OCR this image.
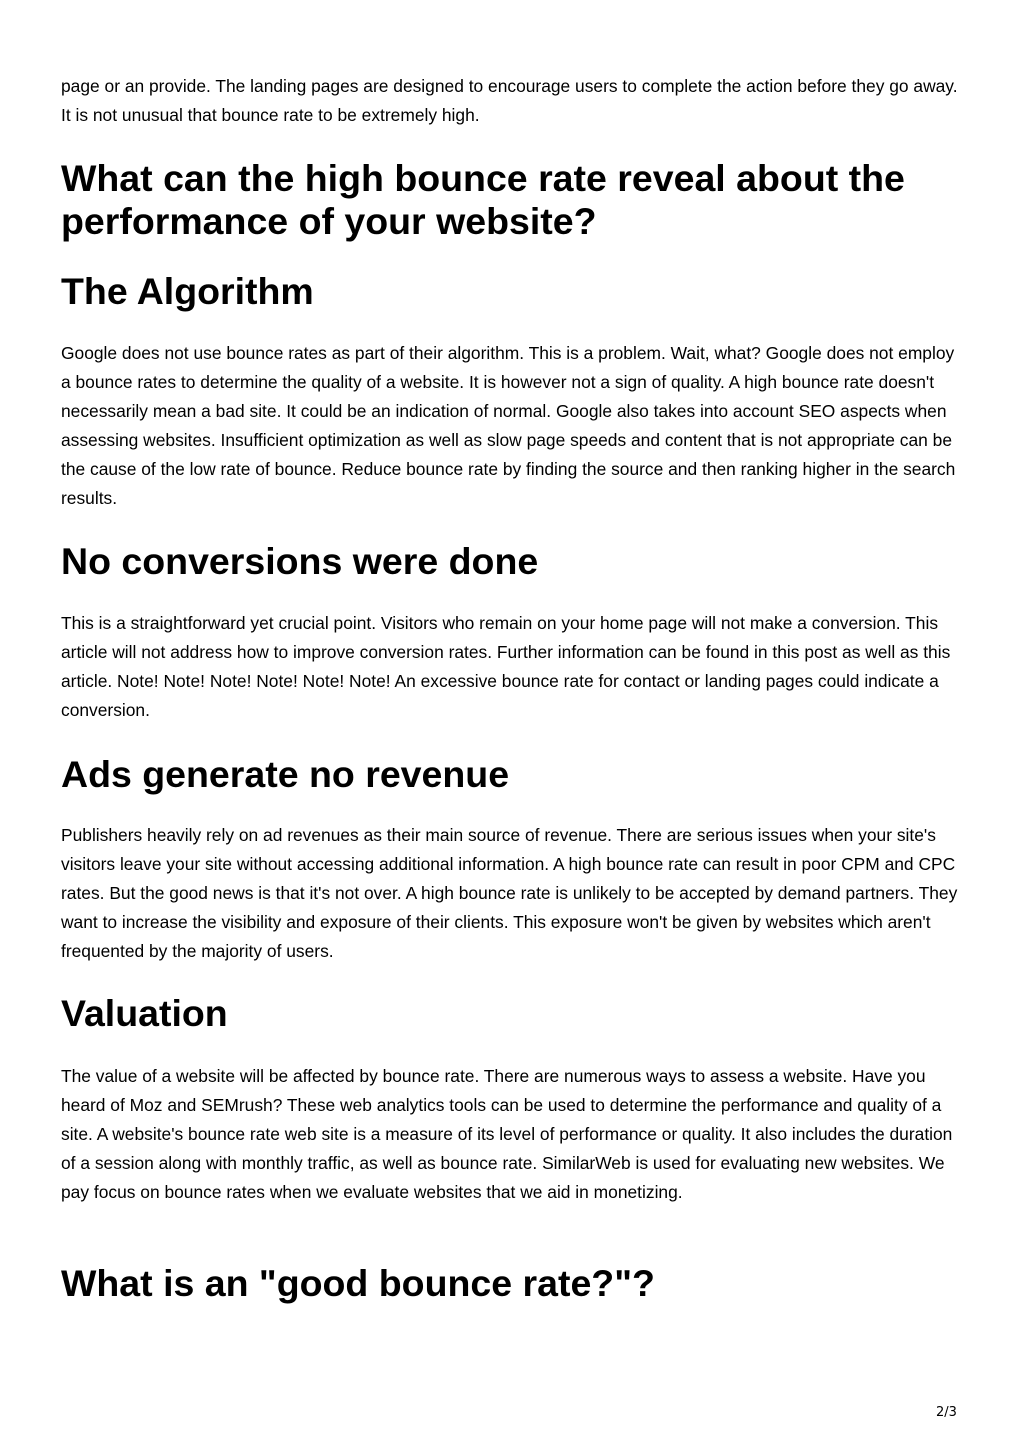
page or an provide. The landing pages are designed to encourage users to complete the action before they go away. It is not unusual that bounce rate to be extremely high.

What can the high bounce rate reveal about the performance of your website?
The Algorithm

Google does not use bounce rates as part of their algorithm. This is a problem. Wait, what? Google does not employ a bounce rates to determine the quality of a website. It is however not a sign of quality. A high bounce rate doesn't necessarily mean a bad site. It could be an indication of normal. Google also takes into account SEO aspects when assessing websites. Insufficient optimization as well as slow page speeds and content that is not appropriate can be the cause of the low rate of bounce. Reduce bounce rate by finding the source and then ranking higher in the search results.

No conversions were done

This is a straightforward yet crucial point. Visitors who remain on your home page will not make a conversion. This article will not address how to improve conversion rates. Further information can be found in this post as well as this article. Note! Note! Note! Note! Note! Note! An excessive bounce rate for contact or landing pages could indicate a conversion.

Ads generate no revenue

Publishers heavily rely on ad revenues as their main source of revenue. There are serious issues when your site's visitors leave your site without accessing additional information. A high bounce rate can result in poor CPM and CPC rates. But the good news is that it's not over. A high bounce rate is unlikely to be accepted by demand partners. They want to increase the visibility and exposure of their clients. This exposure won't be given by websites which aren't frequented by the majority of users.

Valuation

The value of a website will be affected by bounce rate. There are numerous ways to assess a website. Have you heard of Moz and SEMrush? These web analytics tools can be used to determine the performance and quality of a site. A website's bounce rate web site is a measure of its level of performance or quality. It also includes the duration of a session along with monthly traffic, as well as bounce rate. SimilarWeb is used for evaluating new websites. We pay focus on bounce rates when we evaluate websites that we aid in monetizing.

What is an "good bounce rate?"?
2/3
